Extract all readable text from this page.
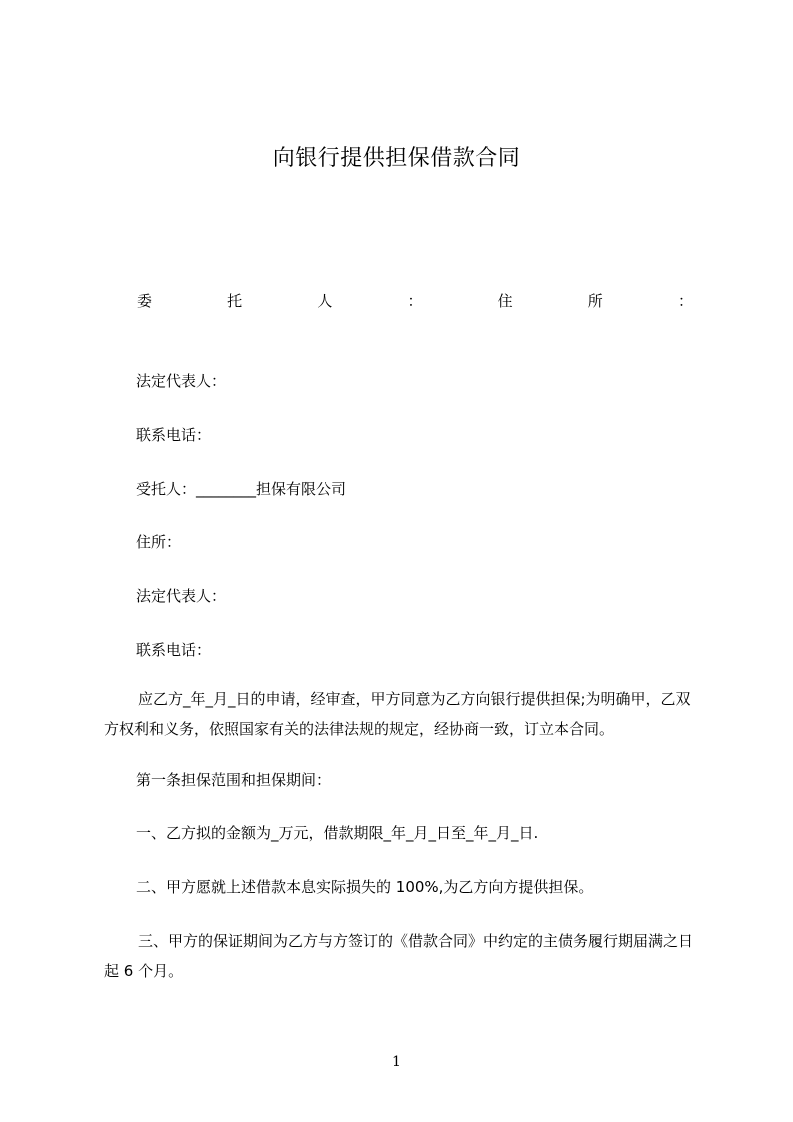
向银行提供担保借款合同
委	托	人	：	住	所	：

法定代表人：

联系电话：

受托人：________担保有限公司

住所：

法定代表人：

联系电话：

应乙方_年_月_日的申请，经审查，甲方同意为乙方向银行提供担保;为明确甲，乙双方权利和义务，依照国家有关的法律法规的规定，经协商一致，订立本合同。

第一条担保范围和担保期间：

一、乙方拟的金额为_万元，借款期限_年_月_日至_年_月_日.

二、甲方愿就上述借款本息实际损失的 100%,为乙方向方提供担保。

三、甲方的保证期间为乙方与方签订的《借款合同》中约定的主债务履行期届满之日起 6 个月。

1
